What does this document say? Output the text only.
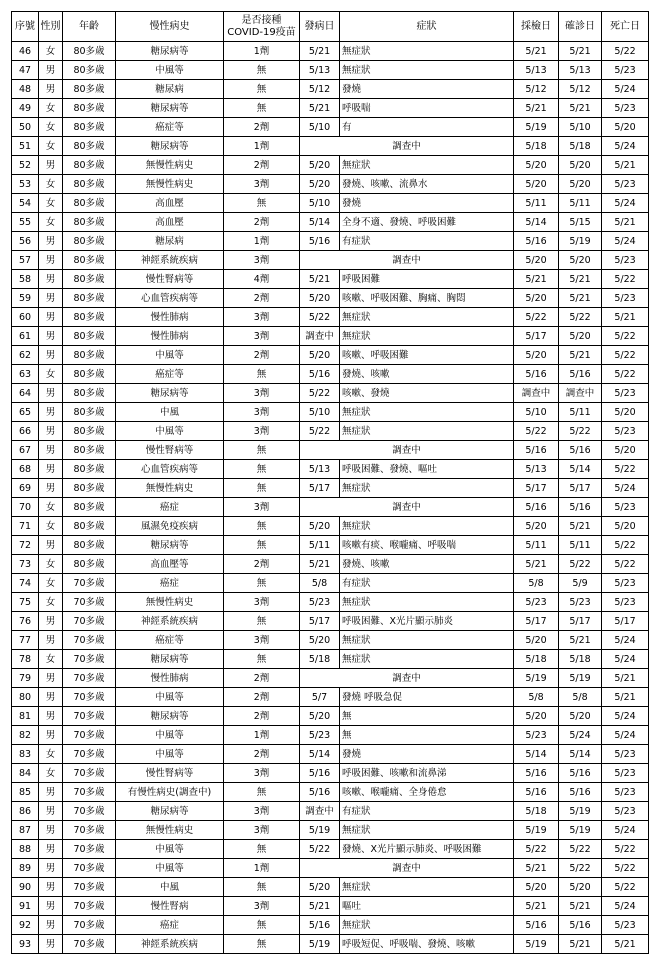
序號	性別	年齡	慢性病史	是否接種COVID-19疫苗	發病日	症狀	採檢日	確診日	死亡日
46	女	80多歲	糖尿病等	1劑	5/21	無症狀	5/21	5/21	5/22
47	男	80多歲	中風等	無	5/13	無症狀	5/13	5/13	5/23
48	男	80多歲	糖尿病	無	5/12	發燒	5/12	5/12	5/24
49	女	80多歲	糖尿病等	無	5/21	呼吸喘	5/21	5/21	5/23
50	女	80多歲	癌症等	2劑	5/10	有	5/19	5/10	5/20
51	女	80多歲	糖尿病等	1劑	調查中		5/18	5/18	5/24
52	男	80多歲	無慢性病史	2劑	5/20	無症狀	5/20	5/20	5/21
53	女	80多歲	無慢性病史	3劑	5/20	發燒、咳嗽、流鼻水	5/20	5/20	5/23
54	女	80多歲	高血壓	無	5/10	發燒	5/11	5/11	5/24
55	女	80多歲	高血壓	2劑	5/14	全身不適、發燒、呼吸困難	5/14	5/15	5/21
56	男	80多歲	糖尿病	1劑	5/16	有症狀	5/16	5/19	5/24
57	男	80多歲	神經系統疾病	3劑	調查中		5/20	5/20	5/23
58	男	80多歲	慢性腎病等	4劑	5/21	呼吸困難	5/21	5/21	5/22
59	男	80多歲	心血管疾病等	2劑	5/20	咳嗽、呼吸困難、胸痛、胸悶	5/20	5/21	5/23
60	男	80多歲	慢性肺病	3劑	5/22	無症狀	5/22	5/22	5/21
61	男	80多歲	慢性肺病	3劑	調查中	無症狀	5/17	5/20	5/22
62	男	80多歲	中風等	2劑	5/20	咳嗽、呼吸困難	5/20	5/21	5/22
63	女	80多歲	癌症等	無	5/16	發燒、咳嗽	5/16	5/16	5/22
64	男	80多歲	糖尿病等	3劑	5/22	咳嗽、發燒	調查中	調查中	5/23
65	男	80多歲	中風	3劑	5/10	無症狀	5/10	5/11	5/20
66	男	80多歲	中風等	3劑	5/22	無症狀	5/22	5/22	5/23
67	男	80多歲	慢性腎病等	無	調查中		5/16	5/16	5/20
68	男	80多歲	心血管疾病等	無	5/13	呼吸困難、發燒、嘔吐	5/13	5/14	5/22
69	男	80多歲	無慢性病史	無	5/17	無症狀	5/17	5/17	5/24
70	女	80多歲	癌症	3劑	調查中		5/16	5/16	5/23
71	女	80多歲	風濕免疫疾病	無	5/20	無症狀	5/20	5/21	5/20
72	男	80多歲	糖尿病等	無	5/11	咳嗽有痰、喉嚨痛、呼吸喘	5/11	5/11	5/22
73	女	80多歲	高血壓等	2劑	5/21	發燒、咳嗽	5/21	5/22	5/22
74	女	70多歲	癌症	無	5/8	有症狀	5/8	5/9	5/23
75	女	70多歲	無慢性病史	3劑	5/23	無症狀	5/23	5/23	5/23
76	男	70多歲	神經系統疾病	無	5/17	呼吸困難、X光片顯示肺炎	5/17	5/17	5/17
77	男	70多歲	癌症等	3劑	5/20	無症狀	5/20	5/21	5/24
78	女	70多歲	糖尿病等	無	5/18	無症狀	5/18	5/18	5/24
79	男	70多歲	慢性肺病	2劑	調查中		5/19	5/19	5/21
80	男	70多歲	中風等	2劑	5/7	發燒 呼吸急促	5/8	5/8	5/21
81	男	70多歲	糖尿病等	2劑	5/20	無	5/20	5/20	5/24
82	男	70多歲	中風等	1劑	5/23	無	5/23	5/24	5/24
83	女	70多歲	中風等	2劑	5/14	發燒	5/14	5/14	5/23
84	女	70多歲	慢性腎病等	3劑	5/16	呼吸困難、咳嗽和流鼻涕	5/16	5/16	5/23
85	男	70多歲	有慢性病史(調查中)	無	5/16	咳嗽、喉嚨痛、全身倦怠	5/16	5/16	5/23
86	男	70多歲	糖尿病等	3劑	調查中	有症狀	5/18	5/19	5/23
87	男	70多歲	無慢性病史	3劑	5/19	無症狀	5/19	5/19	5/24
88	男	70多歲	中風等	無	5/22	發燒、X光片顯示肺炎、呼吸困難	5/22	5/22	5/22
89	男	70多歲	中風等	1劑	調查中		5/21	5/22	5/22
90	男	70多歲	中風	無	5/20	無症狀	5/20	5/20	5/22
91	男	70多歲	慢性腎病	3劑	5/21	嘔吐	5/21	5/21	5/24
92	男	70多歲	癌症	無	5/16	無症狀	5/16	5/16	5/23
93	男	70多歲	神經系統疾病	無	5/19	呼吸短促、呼吸喘、發燒、咳嗽	5/19	5/21	5/21
